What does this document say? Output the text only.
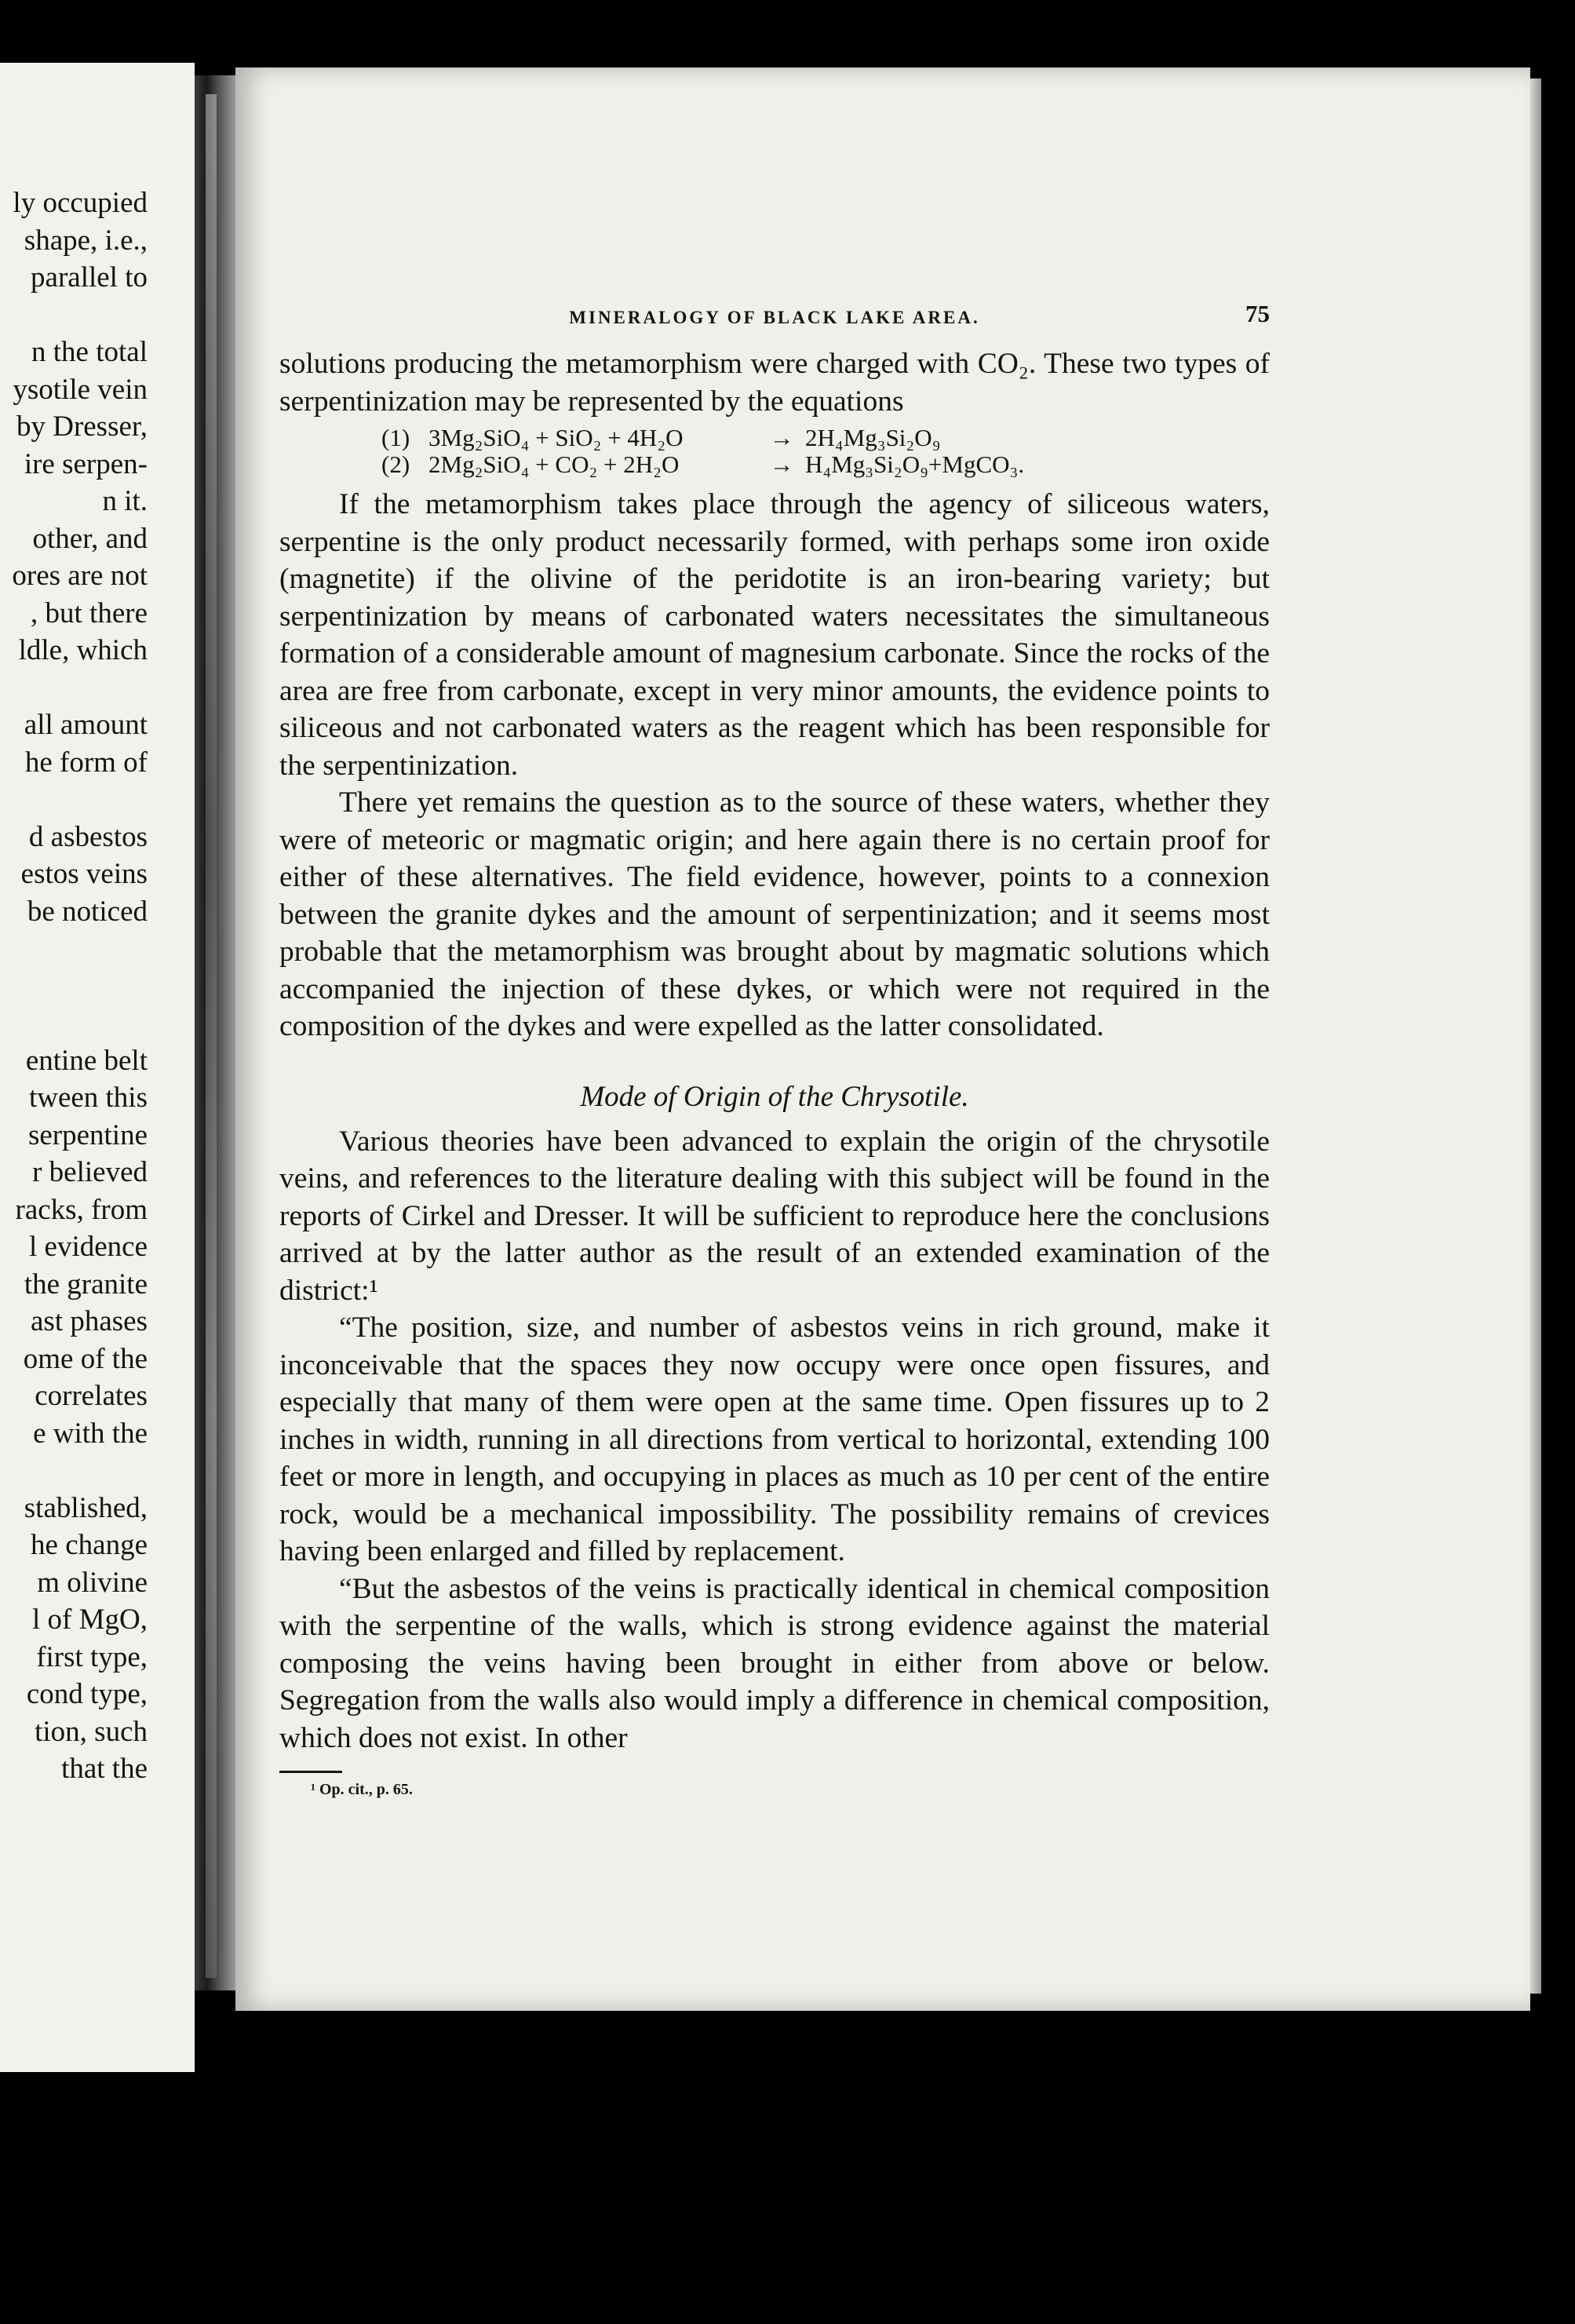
ly occupied
shape, i.e.,
parallel to
n the total
ysotile vein
by Dresser,
ire serpen-
n it.
other, and
ores are not
, but there
ldle, which
all amount
he form of
d asbestos
estos veins
be noticed
entine belt
tween this
serpentine
r believed
racks, from
l evidence
the granite
ast phases
ome of the
correlates
e with the
stablished,
he change
m olivine
l of MgO,
first type,
cond type,
tion, such
that the
MINERALOGY OF BLACK LAKE AREA.	75

solutions producing the metamorphism were charged with CO₂. These two types of serpentinization may be represented by the equations

(1) 3Mg₂SiO₄ + SiO₂ + 4H₂O	→ 2H₄Mg₃Si₂O₉
(2) 2Mg₂SiO₄ + CO₂ + 2H₂O	→ H₄Mg₃Si₂O₉+MgCO₃.

If the metamorphism takes place through the agency of siliceous waters, serpentine is the only product necessarily formed, with perhaps some iron oxide (magnetite) if the olivine of the peridotite is an iron-bearing variety; but serpentinization by means of carbonated waters necessitates the simultaneous formation of a considerable amount of magnesium carbonate. Since the rocks of the area are free from carbonate, except in very minor amounts, the evidence points to siliceous and not carbonated waters as the reagent which has been responsible for the serpentinization.

There yet remains the question as to the source of these waters, whether they were of meteoric or magmatic origin; and here again there is no certain proof for either of these alternatives. The field evidence, however, points to a connexion between the granite dykes and the amount of serpentinization; and it seems most probable that the metamorphism was brought about by magmatic solutions which accompanied the injection of these dykes, or which were not required in the composition of the dykes and were expelled as the latter consolidated.

Mode of Origin of the Chrysotile.

Various theories have been advanced to explain the origin of the chrysotile veins, and references to the literature dealing with this subject will be found in the reports of Cirkel and Dresser. It will be sufficient to reproduce here the conclusions arrived at by the latter author as the result of an extended examination of the district:¹

“The position, size, and number of asbestos veins in rich ground, make it inconceivable that the spaces they now occupy were once open fissures, and especially that many of them were open at the same time. Open fissures up to 2 inches in width, running in all directions from vertical to horizontal, extending 100 feet or more in length, and occupying in places as much as 10 per cent of the entire rock, would be a mechanical impossibility. The possibility remains of crevices having been enlarged and filled by replacement.

“But the asbestos of the veins is practically identical in chemical composition with the serpentine of the walls, which is strong evidence against the material composing the veins having been brought in either from above or below. Segregation from the walls also would imply a difference in chemical composition, which does not exist. In other

¹ Op. cit., p. 65.
